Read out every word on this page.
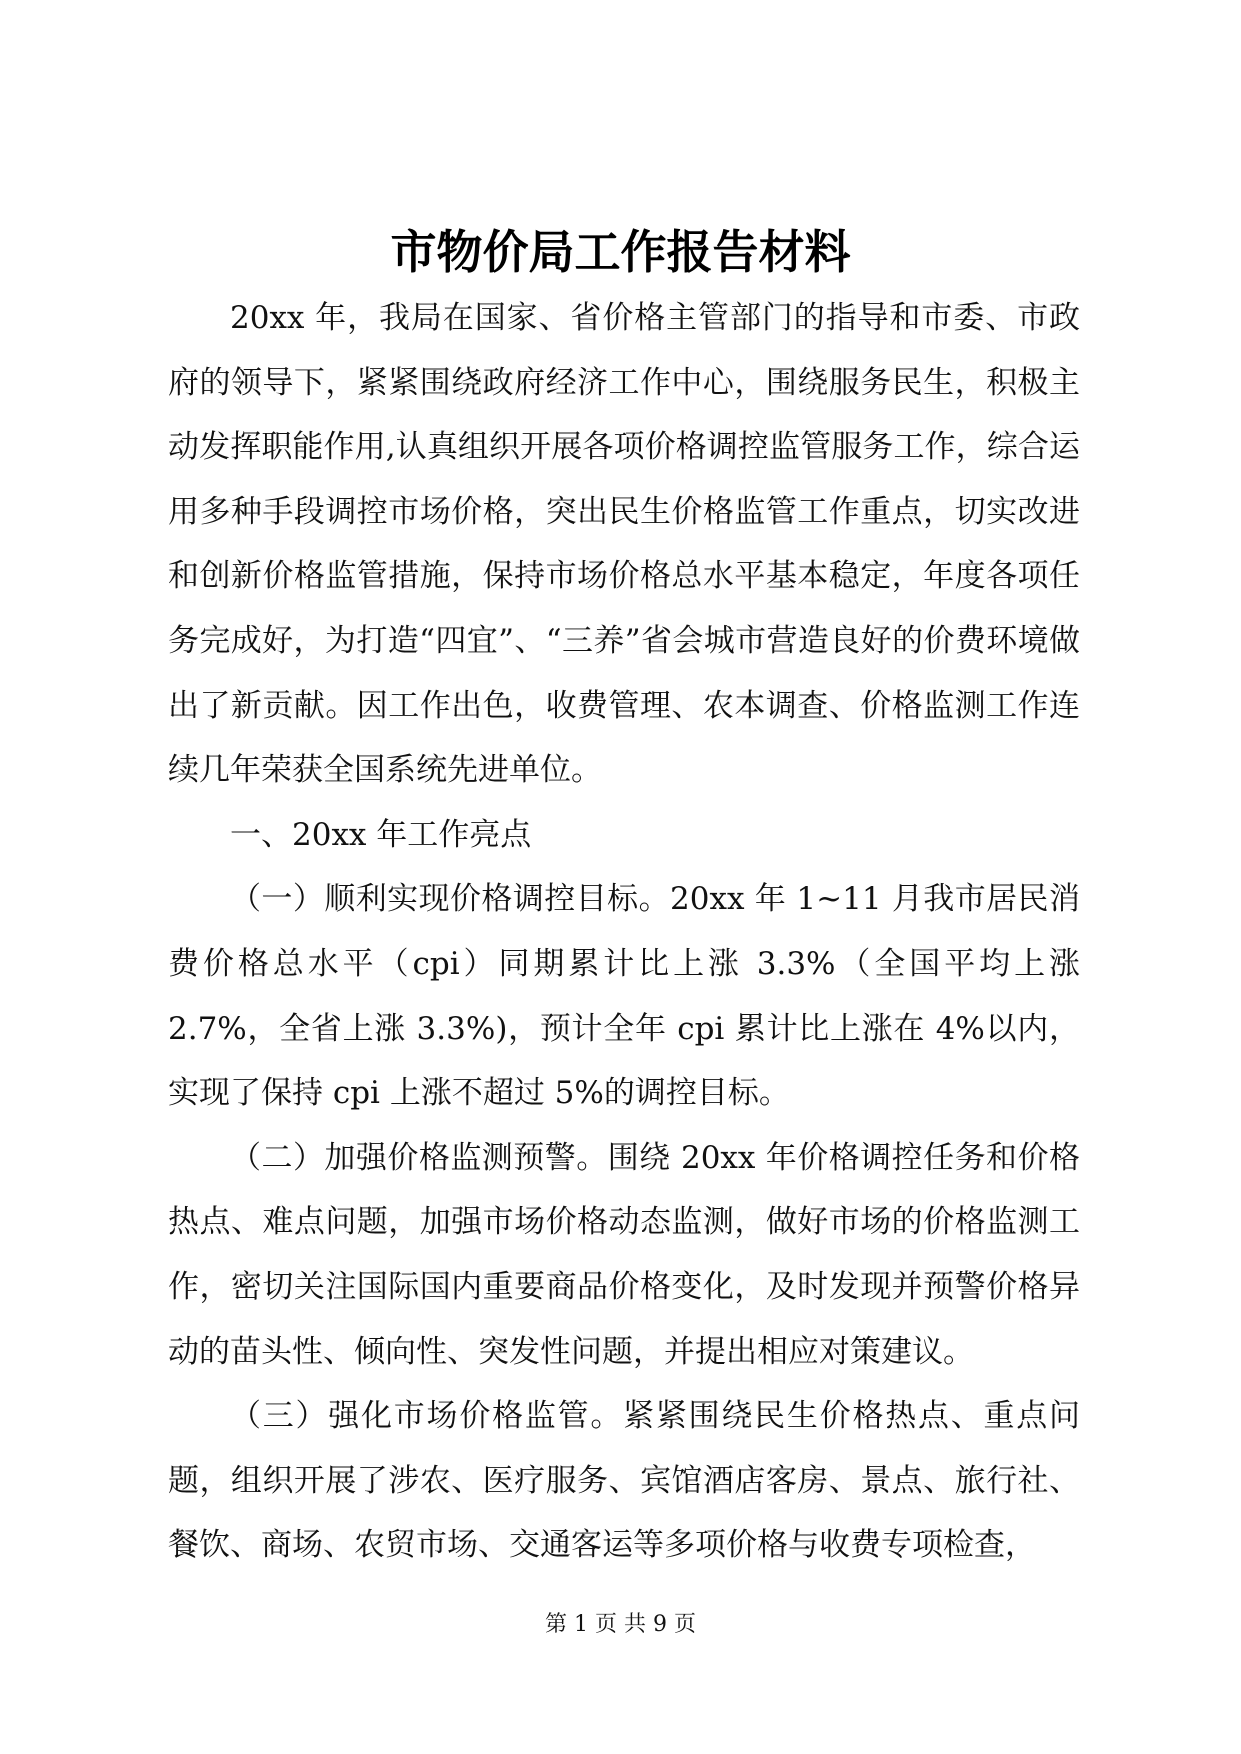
市物价局工作报告材料

20xx 年，我局在国家、省价格主管部门的指导和市委、市政府的领导下，紧紧围绕政府经济工作中心，围绕服务民生，积极主动发挥职能作用,认真组织开展各项价格调控监管服务工作，综合运用多种手段调控市场价格，突出民生价格监管工作重点，切实改进和创新价格监管措施，保持市场价格总水平基本稳定，年度各项任务完成好，为打造“四宜”、“三养”省会城市营造良好的价费环境做出了新贡献。因工作出色，收费管理、农本调查、价格监测工作连续几年荣获全国系统先进单位。

一、20xx 年工作亮点

（一）顺利实现价格调控目标。20xx 年 1~11 月我市居民消费价格总水平（cpi）同期累计比上涨 3.3%（全国平均上涨 2.7%，全省上涨 3.3%)，预计全年 cpi 累计比上涨在 4%以内，实现了保持 cpi 上涨不超过 5%的调控目标。

（二）加强价格监测预警。围绕 20xx 年价格调控任务和价格热点、难点问题，加强市场价格动态监测，做好市场的价格监测工作，密切关注国际国内重要商品价格变化，及时发现并预警价格异动的苗头性、倾向性、突发性问题，并提出相应对策建议。

（三）强化市场价格监管。紧紧围绕民生价格热点、重点问题，组织开展了涉农、医疗服务、宾馆酒店客房、景点、旅行社、餐饮、商场、农贸市场、交通客运等多项价格与收费专项检查，

第 1 页 共 9 页
